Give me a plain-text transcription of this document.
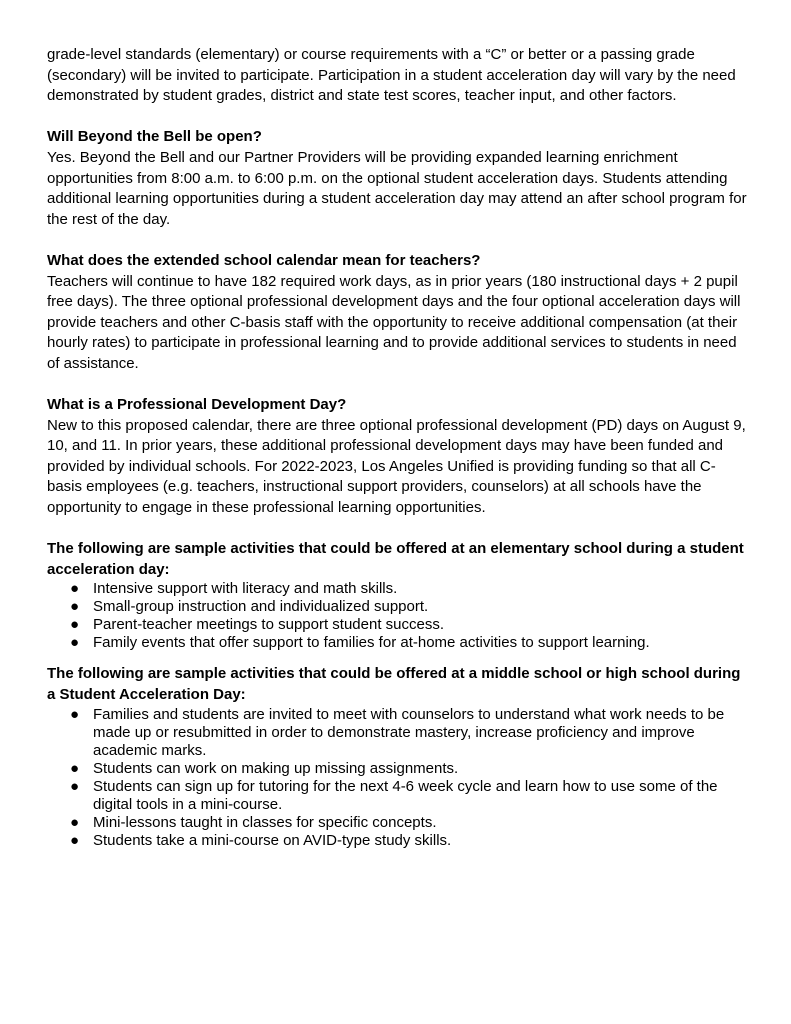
grade-level standards (elementary) or course requirements with a “C” or better or a passing grade (secondary) will be invited to participate. Participation in a student acceleration day will vary by the need demonstrated by student grades, district and state test scores, teacher input, and other factors.

Will Beyond the Bell be open?

Yes. Beyond the Bell and our Partner Providers will be providing expanded learning enrichment opportunities from 8:00 a.m. to 6:00 p.m. on the optional student acceleration days. Students attending additional learning opportunities during a student acceleration day may attend an after school program for the rest of the day.

What does the extended school calendar mean for teachers?

Teachers will continue to have 182 required work days, as in prior years (180 instructional days + 2 pupil free days). The three optional professional development days and the four optional acceleration days will provide teachers and other C-basis staff with the opportunity to receive additional compensation (at their hourly rates) to participate in professional learning and to provide additional services to students in need of assistance.

What is a Professional Development Day?

New to this proposed calendar, there are three optional professional development (PD) days on August 9, 10, and 11. In prior years, these additional professional development days may have been funded and provided by individual schools. For 2022-2023, Los Angeles Unified is providing funding so that all C-basis employees (e.g. teachers, instructional support providers, counselors) at all schools have the opportunity to engage in these professional learning opportunities.

The following are sample activities that could be offered at an elementary school during a student acceleration day:

● Intensive support with literacy and math skills.
● Small-group instruction and individualized support.
● Parent-teacher meetings to support student success.
● Family events that offer support to families for at-home activities to support learning.

The following are sample activities that could be offered at a middle school or high school during a Student Acceleration Day:

● Families and students are invited to meet with counselors to understand what work needs to be made up or resubmitted in order to demonstrate mastery, increase proficiency and improve academic marks.
● Students can work on making up missing assignments.
● Students can sign up for tutoring for the next 4-6 week cycle and learn how to use some of the digital tools in a mini-course.
● Mini-lessons taught in classes for specific concepts.
● Students take a mini-course on AVID-type study skills.
